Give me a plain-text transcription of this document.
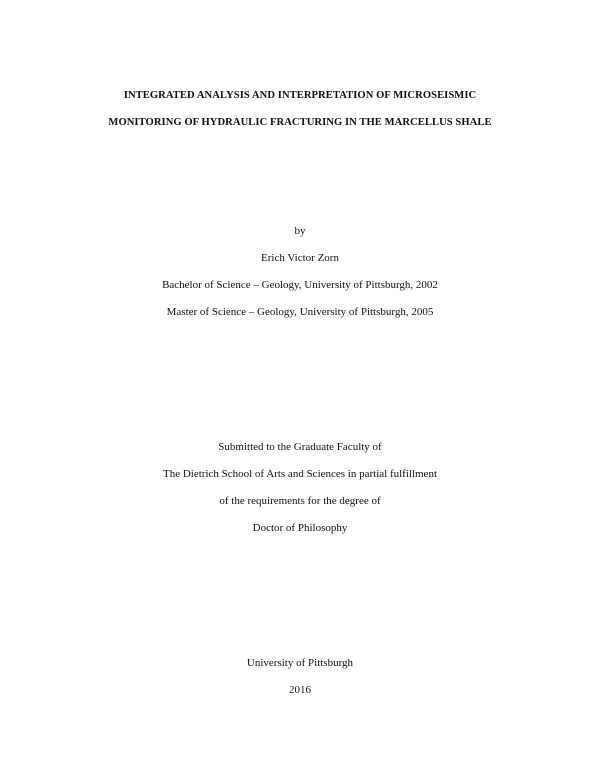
INTEGRATED ANALYSIS AND INTERPRETATION OF MICROSEISMIC
MONITORING OF HYDRAULIC FRACTURING IN THE MARCELLUS SHALE
by
Erich Victor Zorn
Bachelor of Science – Geology, University of Pittsburgh, 2002
Master of Science – Geology, University of Pittsburgh, 2005
Submitted to the Graduate Faculty of
The Dietrich School of Arts and Sciences in partial fulfillment
of the requirements for the degree of
Doctor of Philosophy
University of Pittsburgh
2016
